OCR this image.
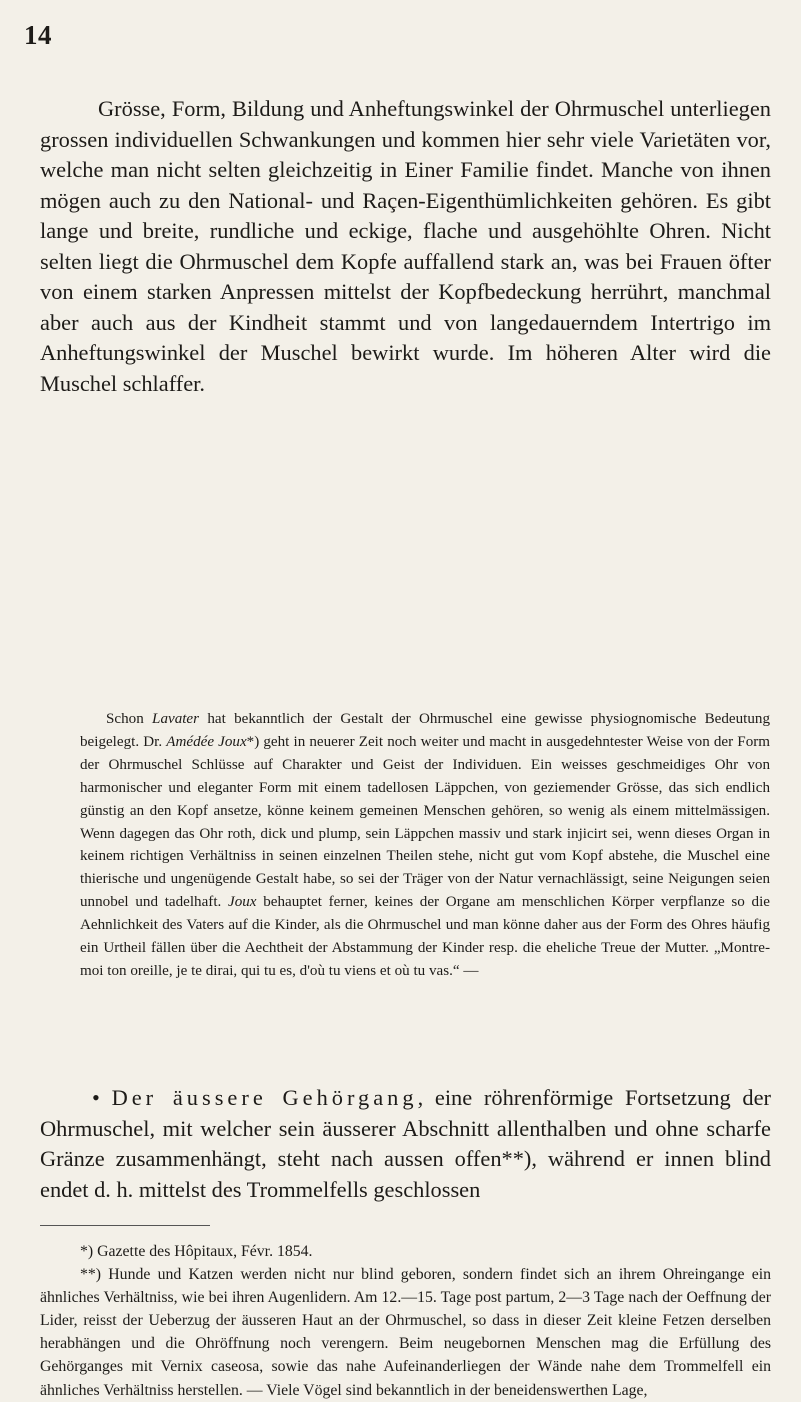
14

Grösse, Form, Bildung und Anheftungswinkel der Ohrmuschel unterliegen grossen individuellen Schwankungen und kommen hier sehr viele Varietäten vor, welche man nicht selten gleichzeitig in Einer Familie findet. Manche von ihnen mögen auch zu den National- und Raçen-Eigenthümlichkeiten gehören. Es gibt lange und breite, rundliche und eckige, flache und ausgehöhlte Ohren. Nicht selten liegt die Ohrmuschel dem Kopfe auffallend stark an, was bei Frauen öfter von einem starken Anpressen mittelst der Kopfbedeckung herrührt, manchmal aber auch aus der Kindheit stammt und von langedauerndem Intertrigo im Anheftungswinkel der Muschel bewirkt wurde. Im höheren Alter wird die Muschel schlaffer.

Schon Lavater hat bekanntlich der Gestalt der Ohrmuschel eine gewisse physiognomische Bedeutung beigelegt. Dr. Amédée Joux*) geht in neuerer Zeit noch weiter und macht in ausgedehntester Weise von der Form der Ohrmuschel Schlüsse auf Charakter und Geist der Individuen. Ein weisses geschmeidiges Ohr von harmonischer und eleganter Form mit einem tadellosen Läppchen, von geziemender Grösse, das sich endlich günstig an den Kopf ansetze, könne keinem gemeinen Menschen gehören, so wenig als einem mittelmässigen. Wenn dagegen das Ohr roth, dick und plump, sein Läppchen massiv und stark injicirt sei, wenn dieses Organ in keinem richtigen Verhältniss in seinen einzelnen Theilen stehe, nicht gut vom Kopf abstehe, die Muschel eine thierische und ungenügende Gestalt habe, so sei der Träger von der Natur vernachlässigt, seine Neigungen seien unnobel und tadelhaft. Joux behauptet ferner, keines der Organe am menschlichen Körper verpflanze so die Aehnlichkeit des Vaters auf die Kinder, als die Ohrmuschel und man könne daher aus der Form des Ohres häufig ein Urtheil fällen über die Aechtheit der Abstammung der Kinder resp. die eheliche Treue der Mutter. „Montre-moi ton oreille, je te dirai, qui tu es, d'où tu viens et où tu vas.“ —

• Der äussere Gehörgang, eine röhrenförmige Fortsetzung der Ohrmuschel, mit welcher sein äusserer Abschnitt allenthalben und ohne scharfe Gränze zusammenhängt, steht nach aussen offen**), während er innen blind endet d. h. mittelst des Trommelfells geschlossen

*) Gazette des Hôpitaux, Févr. 1854.

**) Hunde und Katzen werden nicht nur blind geboren, sondern findet sich an ihrem Ohreingange ein ähnliches Verhältniss, wie bei ihren Augenlidern. Am 12.—15. Tage post partum, 2—3 Tage nach der Oeffnung der Lider, reisst der Ueberzug der äusseren Haut an der Ohrmuschel, so dass in dieser Zeit kleine Fetzen derselben herabhängen und die Ohröffnung noch verengern. Beim neugebornen Menschen mag die Erfüllung des Gehörganges mit Vernix caseosa, sowie das nahe Aufeinanderliegen der Wände nahe dem Trommelfell ein ähnliches Verhältniss herstellen. — Viele Vögel sind bekanntlich in der beneidenswerthen Lage,
